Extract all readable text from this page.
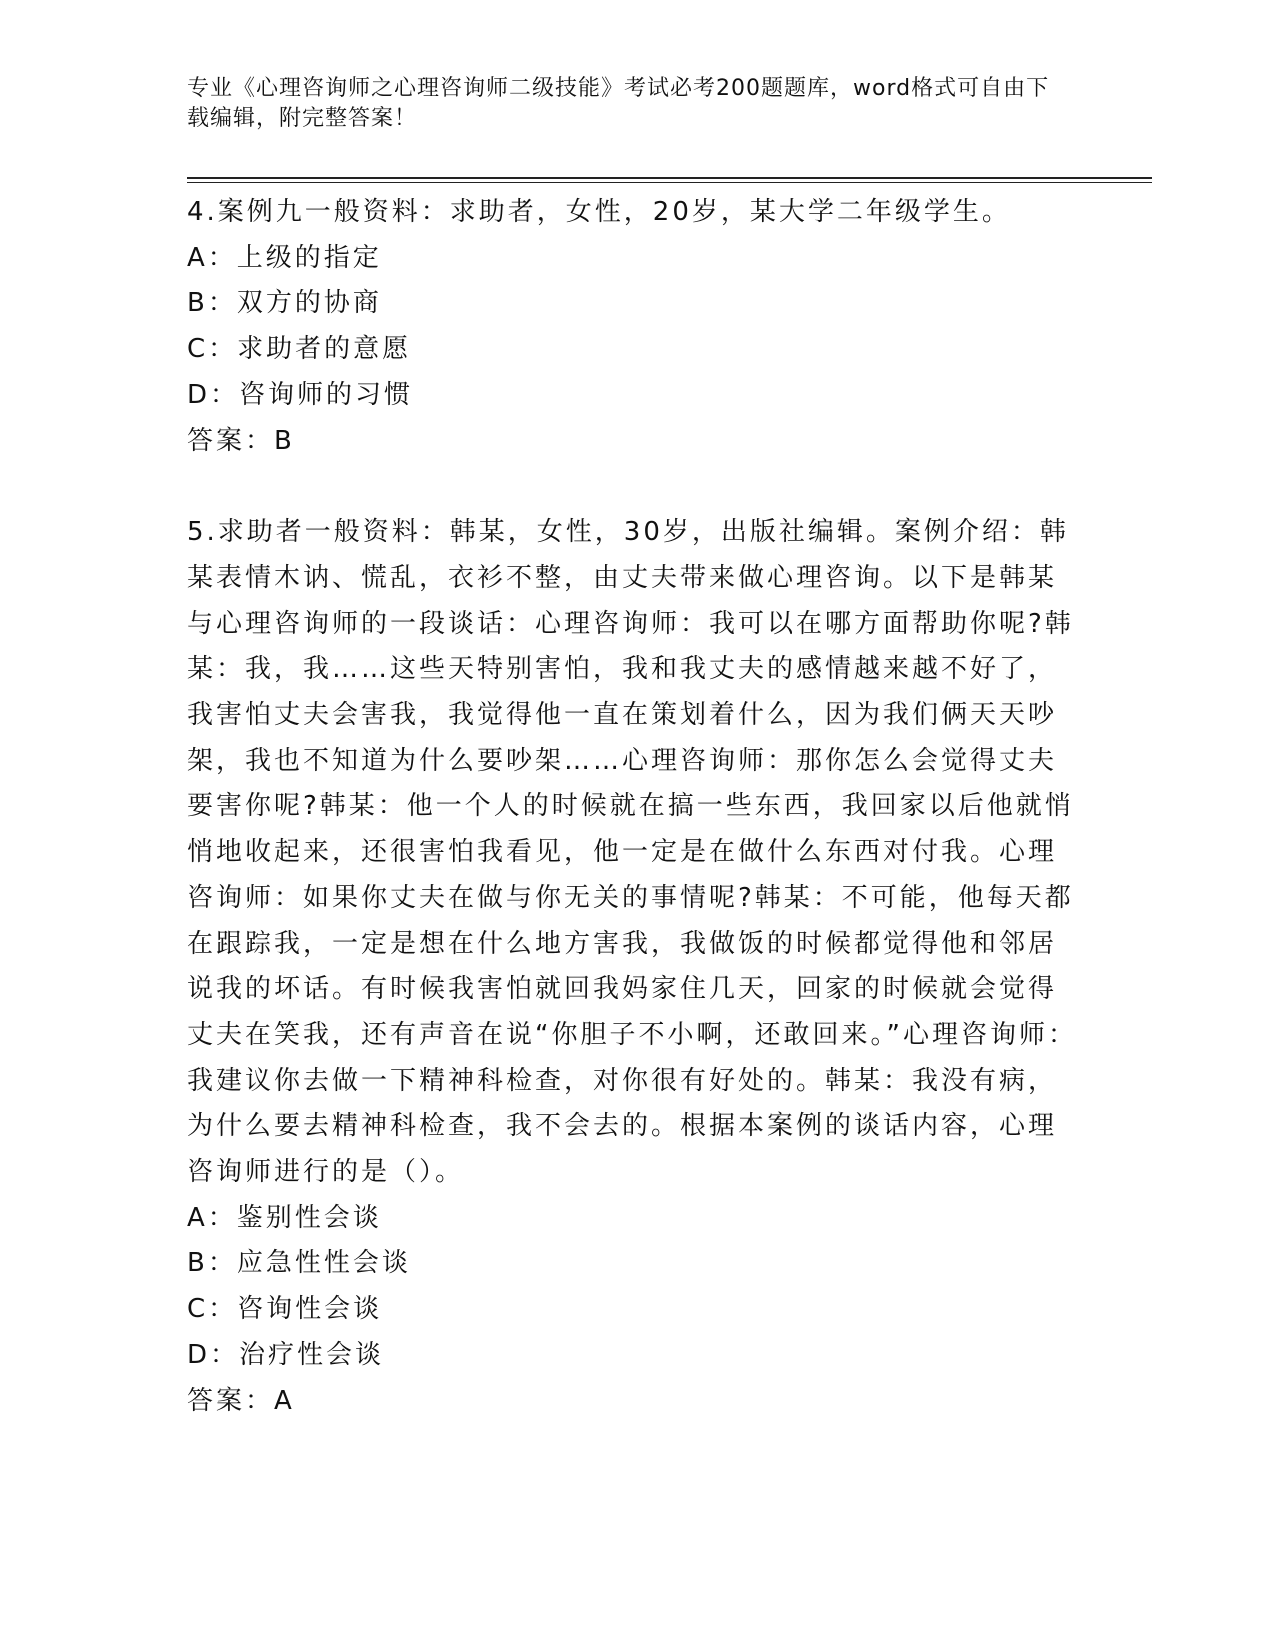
专业《心理咨询师之心理咨询师二级技能》考试必考200题题库，word格式可自由下载编辑，附完整答案！

4.案例九一般资料：求助者，女性，20岁，某大学二年级学生。

A：上级的指定

B：双方的协商

C：求助者的意愿

D：咨询师的习惯

答案：B

5.求助者一般资料：韩某，女性，30岁，出版社编辑。案例介绍：韩某表情木讷、慌乱，衣衫不整，由丈夫带来做心理咨询。以下是韩某与心理咨询师的一段谈话：心理咨询师：我可以在哪方面帮助你呢?韩某：我，我……这些天特别害怕，我和我丈夫的感情越来越不好了，我害怕丈夫会害我，我觉得他一直在策划着什么，因为我们俩天天吵架，我也不知道为什么要吵架……心理咨询师：那你怎么会觉得丈夫要害你呢?韩某：他一个人的时候就在搞一些东西，我回家以后他就悄悄地收起来，还很害怕我看见，他一定是在做什么东西对付我。心理咨询师：如果你丈夫在做与你无关的事情呢?韩某：不可能，他每天都在跟踪我，一定是想在什么地方害我，我做饭的时候都觉得他和邻居说我的坏话。有时候我害怕就回我妈家住几天，回家的时候就会觉得丈夫在笑我，还有声音在说“你胆子不小啊，还敢回来。”心理咨询师：我建议你去做一下精神科检查，对你很有好处的。韩某：我没有病，为什么要去精神科检查，我不会去的。根据本案例的谈话内容，心理咨询师进行的是（）。

A：鉴别性会谈

B：应急性性会谈

C：咨询性会谈

D：治疗性会谈

答案：A
